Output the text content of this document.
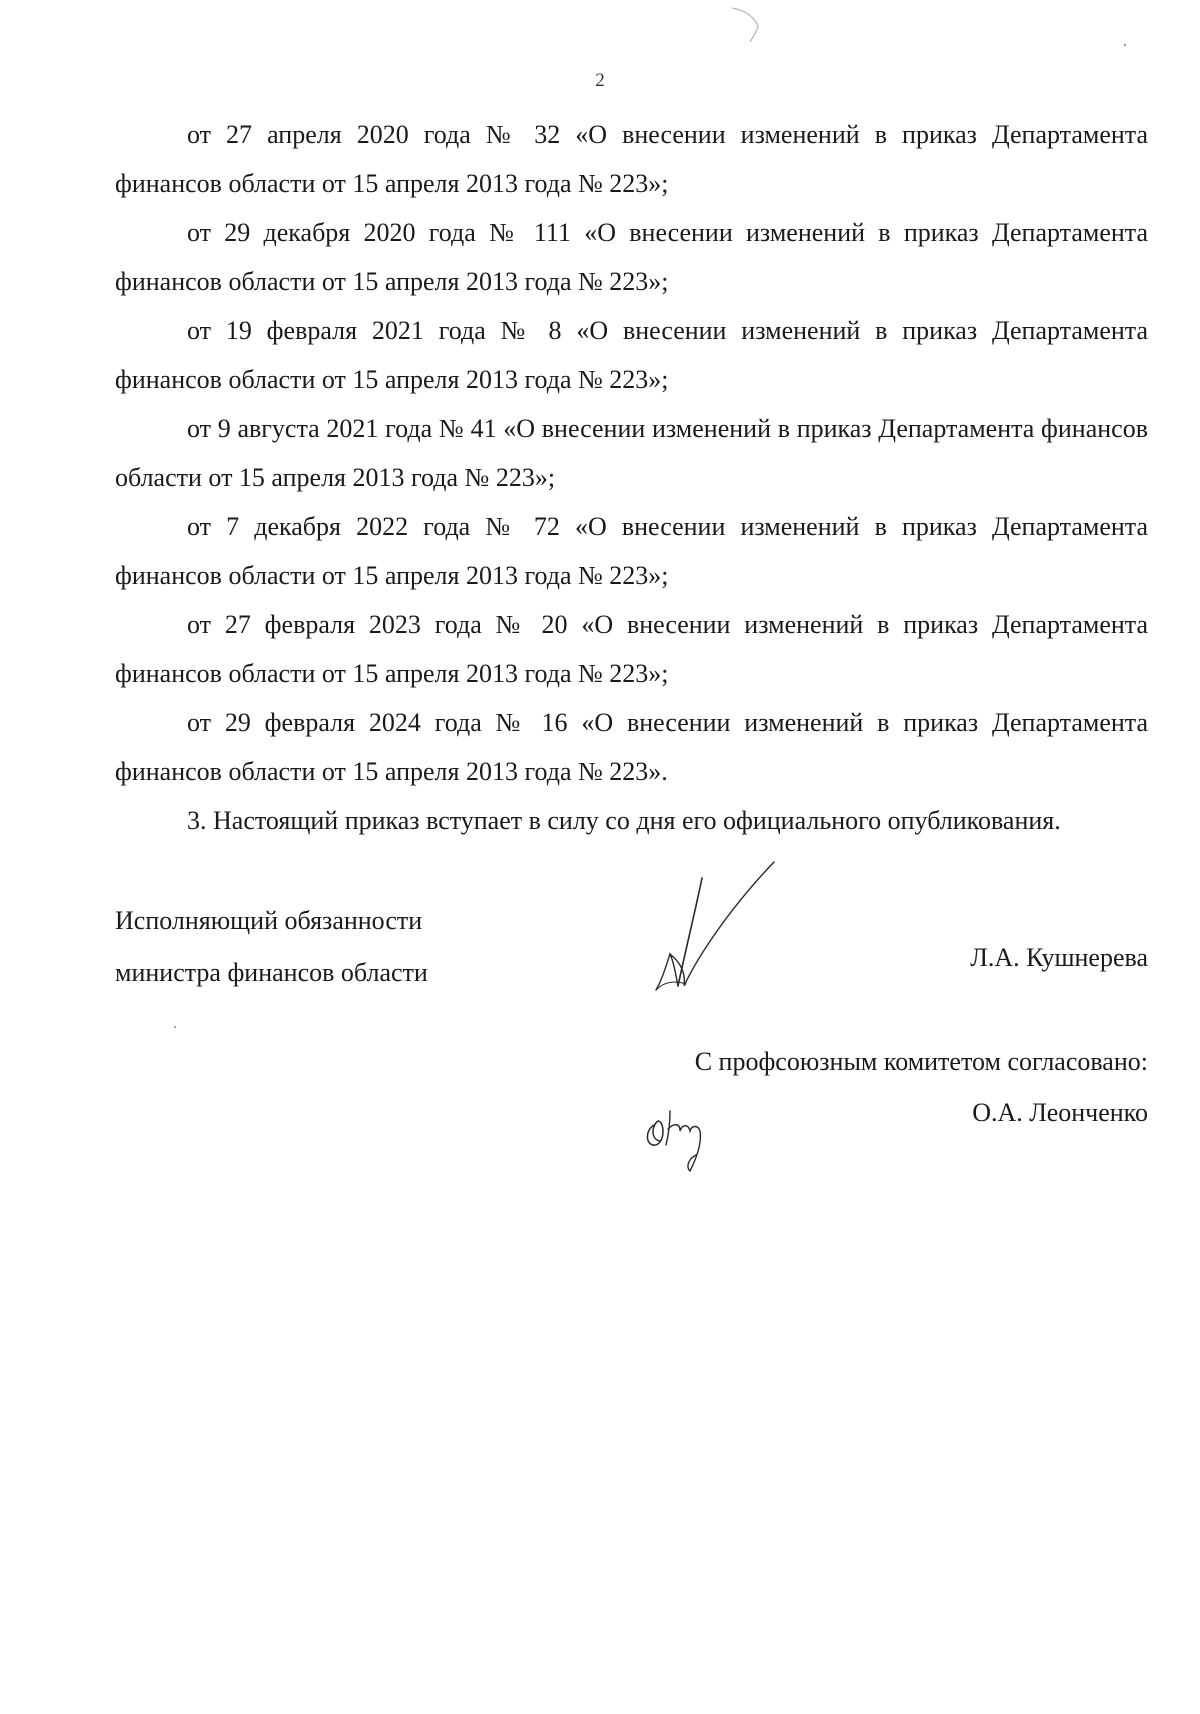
2

от 27 апреля 2020 года № 32 «О внесении изменений в приказ Департамента финансов области от 15 апреля 2013 года № 223»;

от 29 декабря 2020 года № 111 «О внесении изменений в приказ Департамента финансов области от 15 апреля 2013 года № 223»;

от 19 февраля 2021 года № 8 «О внесении изменений в приказ Департамента финансов области от 15 апреля 2013 года № 223»;

от 9 августа 2021 года № 41 «О внесении изменений в приказ Департамента финансов области от 15 апреля 2013 года № 223»;

от 7 декабря 2022 года № 72 «О внесении изменений в приказ Департамента финансов области от 15 апреля 2013 года № 223»;

от 27 февраля 2023 года № 20 «О внесении изменений в приказ Департамента финансов области от 15 апреля 2013 года № 223»;

от 29 февраля 2024 года № 16 «О внесении изменений в приказ Департамента финансов области от 15 апреля 2013 года № 223».

3. Настоящий приказ вступает в силу со дня его официального опубликования.

Исполняющий обязанности
министра финансов области
Л.А. Кушнерева
С профсоюзным комитетом согласовано:
О.А. Леонченко
